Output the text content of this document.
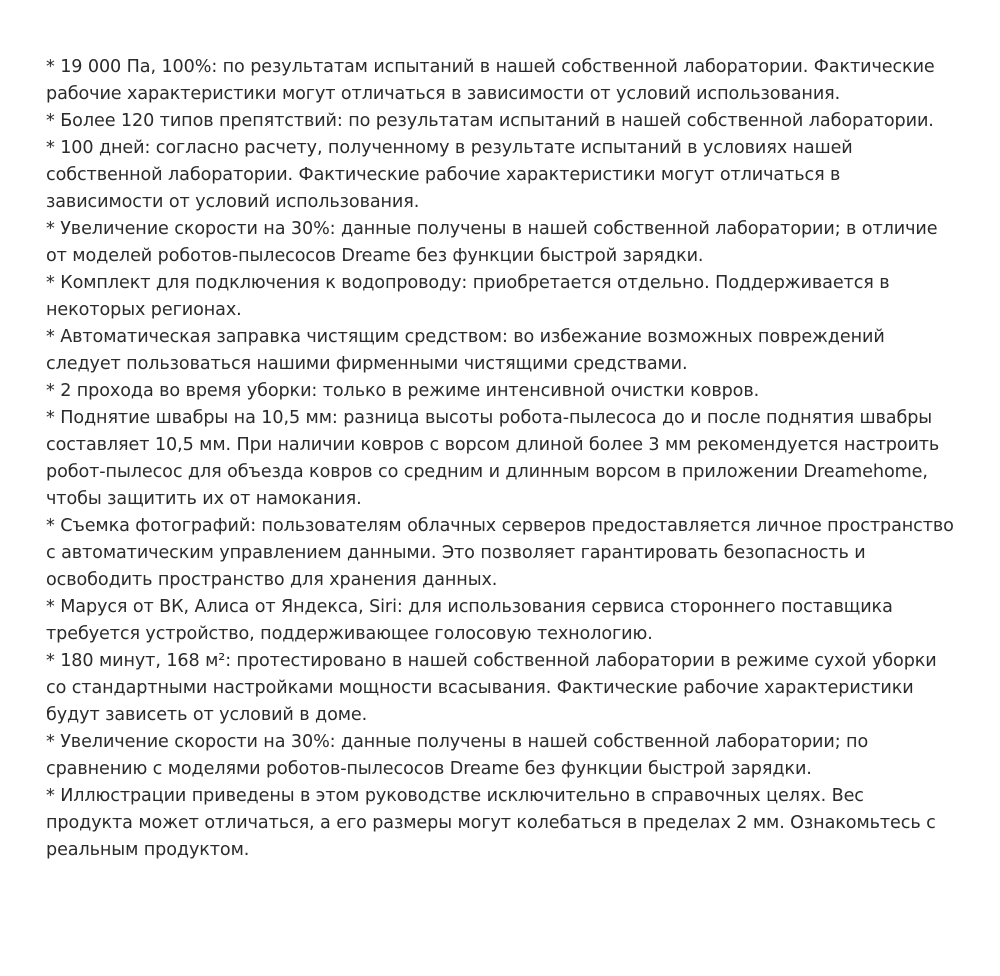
* 19 000 Па, 100%: по результатам испытаний в нашей собственной лаборатории. Фактические рабочие характеристики могут отличаться в зависимости от условий использования.
* Более 120 типов препятствий: по результатам испытаний в нашей собственной лаборатории.
* 100 дней: согласно расчету, полученному в результате испытаний в условиях нашей собственной лаборатории. Фактические рабочие характеристики могут отличаться в зависимости от условий использования.
* Увеличение скорости на 30%: данные получены в нашей собственной лаборатории; в отличие от моделей роботов-пылесосов Dreame без функции быстрой зарядки.
* Комплект для подключения к водопроводу: приобретается отдельно. Поддерживается в некоторых регионах.
* Автоматическая заправка чистящим средством: во избежание возможных повреждений следует пользоваться нашими фирменными чистящими средствами.
* 2 прохода во время уборки: только в режиме интенсивной очистки ковров.
* Поднятие швабры на 10,5 мм: разница высоты робота-пылесоса до и после поднятия швабры составляет 10,5 мм. При наличии ковров с ворсом длиной более 3 мм рекомендуется настроить робот-пылесос для объезда ковров со средним и длинным ворсом в приложении Dreamehome, чтобы защитить их от намокания.
* Съемка фотографий: пользователям облачных серверов предоставляется личное пространство с автоматическим управлением данными. Это позволяет гарантировать безопасность и освободить пространство для хранения данных.
* Маруся от ВК, Алиса от Яндекса, Siri: для использования сервиса стороннего поставщика требуется устройство, поддерживающее голосовую технологию.
* 180 минут, 168 м²: протестировано в нашей собственной лаборатории в режиме сухой уборки со стандартными настройками мощности всасывания. Фактические рабочие характеристики будут зависеть от условий в доме.
* Увеличение скорости на 30%: данные получены в нашей собственной лаборатории; по сравнению с моделями роботов-пылесосов Dreame без функции быстрой зарядки.
* Иллюстрации приведены в этом руководстве исключительно в справочных целях. Вес продукта может отличаться, а его размеры могут колебаться в пределах 2 мм. Ознакомьтесь с реальным продуктом.
